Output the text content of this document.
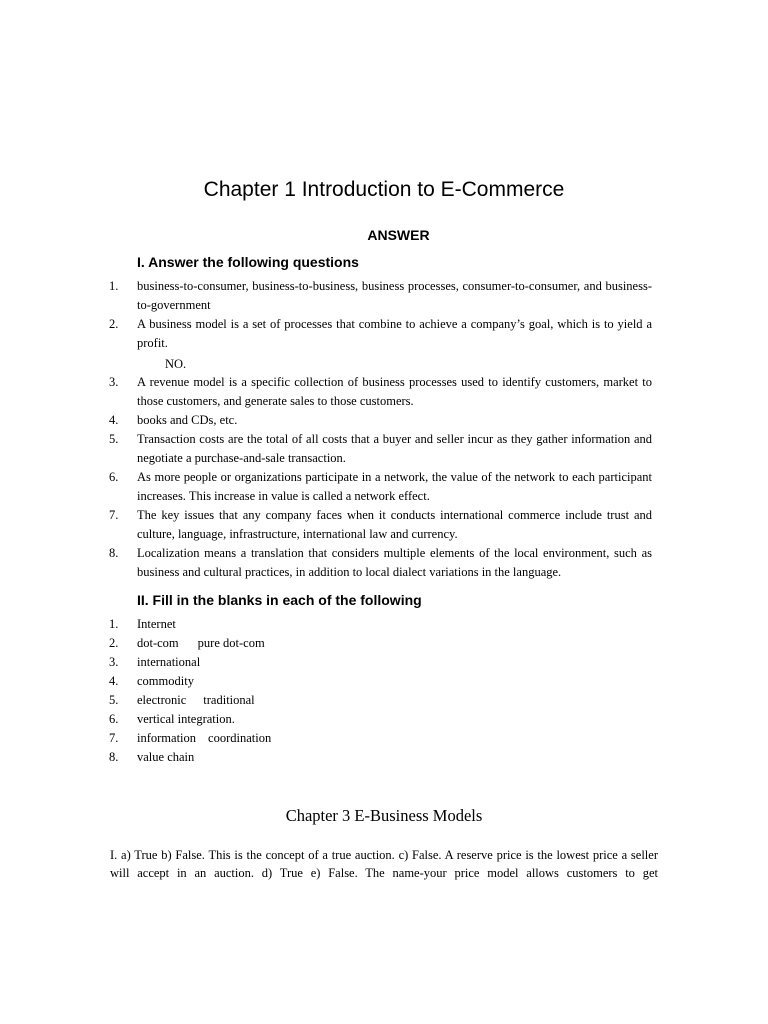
Chapter 1 Introduction to E-Commerce
ANSWER
I. Answer the following questions
1. business-to-consumer, business-to-business, business processes, consumer-to-consumer, and business-to-government
2. A business model is a set of processes that combine to achieve a company’s goal, which is to yield a profit.
NO.
3. A revenue model is a specific collection of business processes used to identify customers, market to those customers, and generate sales to those customers.
4. books and CDs, etc.
5. Transaction costs are the total of all costs that a buyer and seller incur as they gather information and negotiate a purchase-and-sale transaction.
6. As more people or organizations participate in a network, the value of the network to each participant increases. This increase in value is called a network effect.
7. The key issues that any company faces when it conducts international commerce include trust and culture, language, infrastructure, international law and currency.
8. Localization means a translation that considers multiple elements of the local environment, such as business and cultural practices, in addition to local dialect variations in the language.
II. Fill in the blanks in each of the following
1. Internet
2. dot-com pure dot-com
3. international
4. commodity
5. electronic traditional
6. vertical integration.
7. information coordination
8. value chain
Chapter 3 E-Business Models
I. a) True b) False. This is the concept of a true auction. c) False. A reserve price is the lowest price a seller will accept in an auction. d) True e) False. The name-your price model allows customers to get
